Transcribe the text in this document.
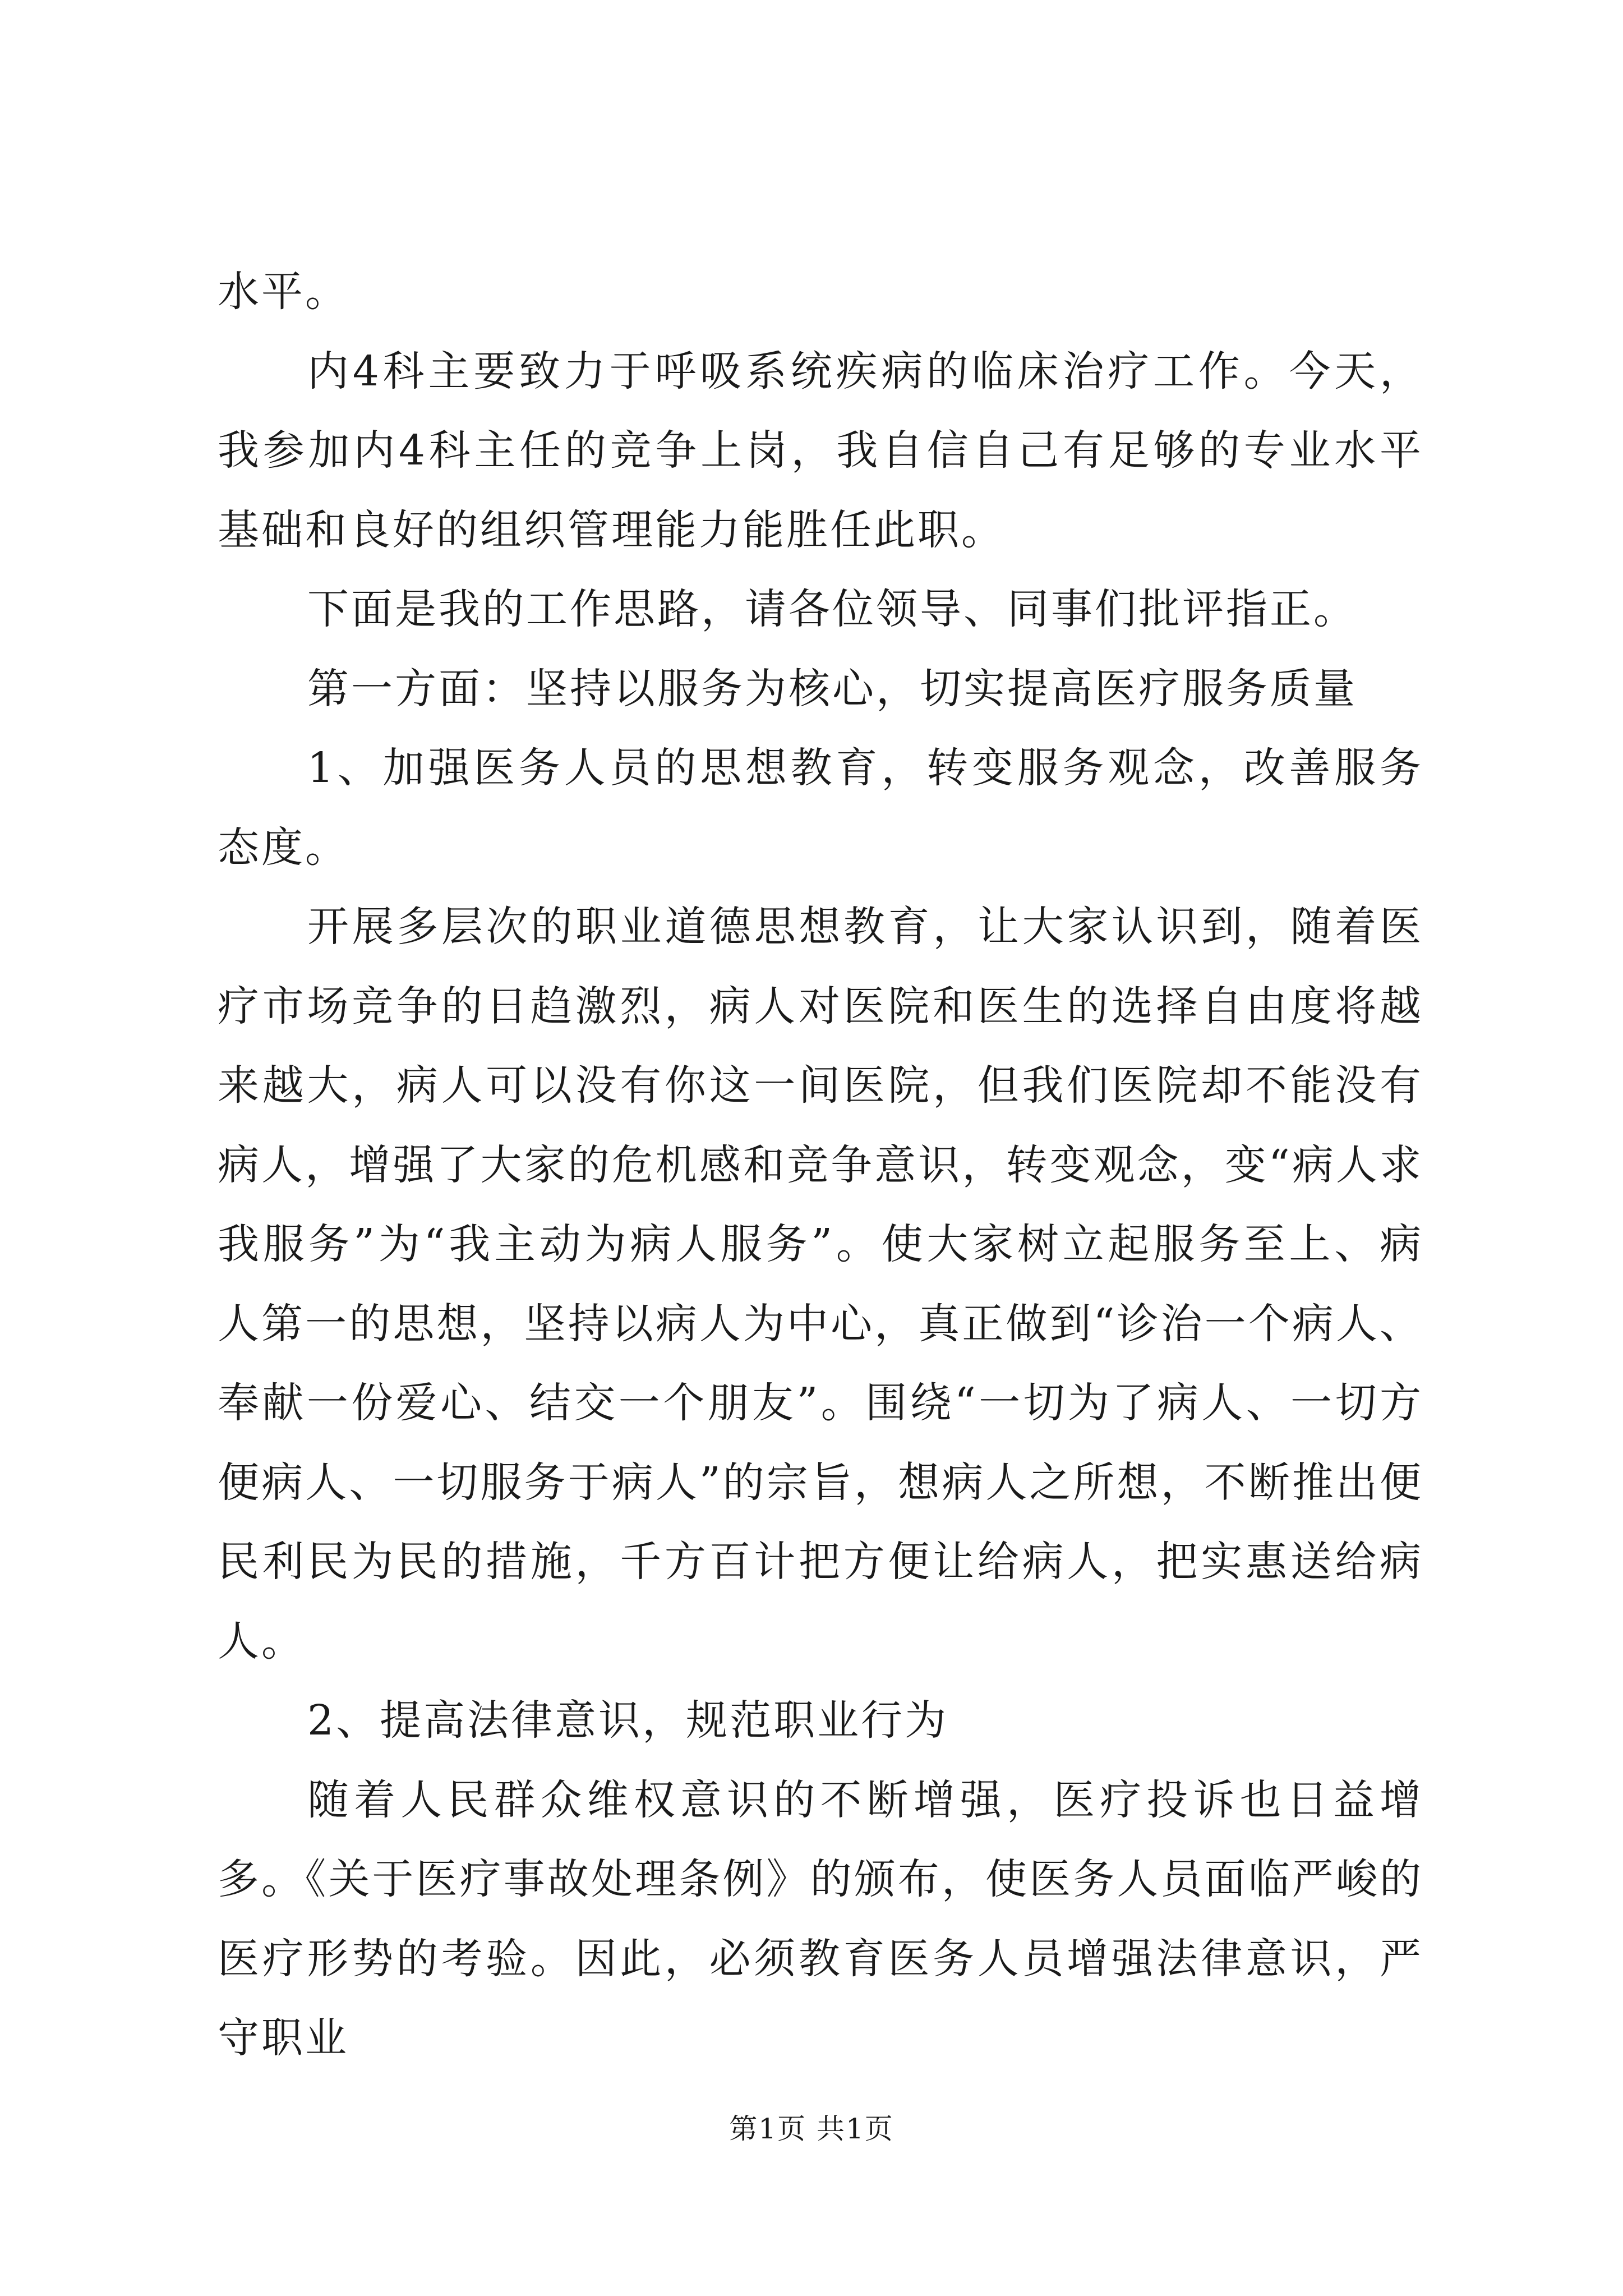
水平。

内4科主要致力于呼吸系统疾病的临床治疗工作。今天，我参加内4科主任的竞争上岗，我自信自己有足够的专业水平基础和良好的组织管理能力能胜任此职。

下面是我的工作思路，请各位领导、同事们批评指正。

第一方面：坚持以服务为核心，切实提高医疗服务质量

1、加强医务人员的思想教育，转变服务观念，改善服务态度。

开展多层次的职业道德思想教育，让大家认识到，随着医疗市场竞争的日趋激烈，病人对医院和医生的选择自由度将越来越大，病人可以没有你这一间医院，但我们医院却不能没有病人，增强了大家的危机感和竞争意识，转变观念，变“病人求我服务”为“我主动为病人服务”。使大家树立起服务至上、病人第一的思想，坚持以病人为中心，真正做到“诊治一个病人、奉献一份爱心、结交一个朋友”。围绕“一切为了病人、一切方便病人、一切服务于病人”的宗旨，想病人之所想，不断推出便民利民为民的措施，千方百计把方便让给病人，把实惠送给病人。

2、提高法律意识，规范职业行为

随着人民群众维权意识的不断增强，医疗投诉也日益增多。《关于医疗事故处理条例》的颁布，使医务人员面临严峻的医疗形势的考验。因此，必须教育医务人员增强法律意识，严守职业

第1页 共1页
